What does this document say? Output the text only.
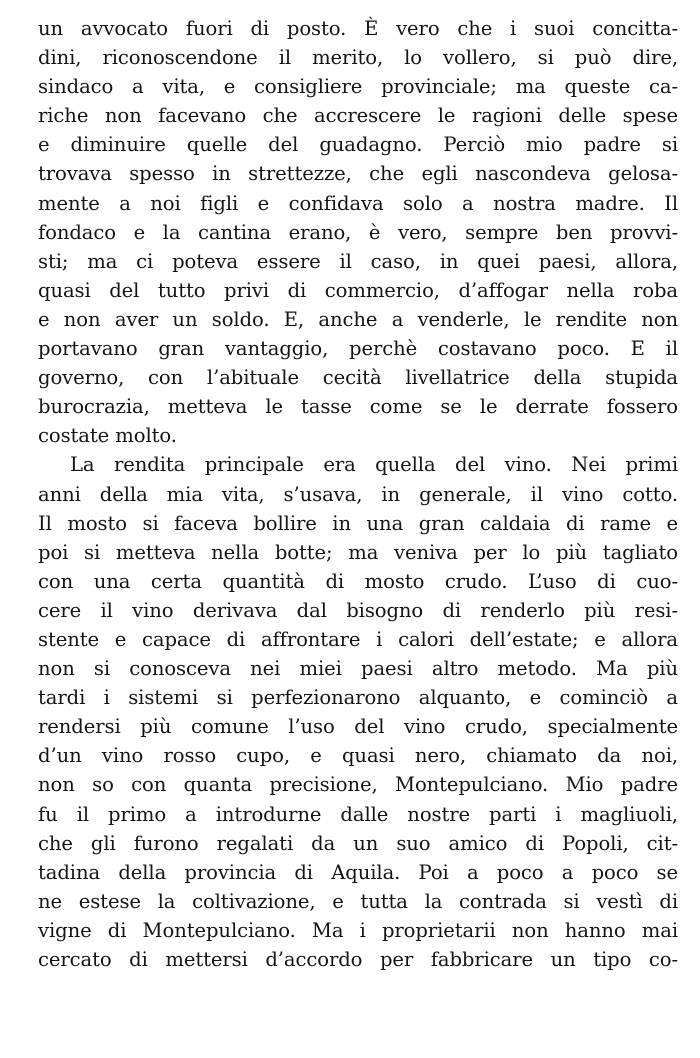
un avvocato fuori di posto. È vero che i suoi concitta-
dini, riconoscendone il merito, lo vollero, si può dire,
sindaco a vita, e consigliere provinciale; ma queste ca-
riche non facevano che accrescere le ragioni delle spese
e diminuire quelle del guadagno. Perciò mio padre si
trovava spesso in strettezze, che egli nascondeva gelosa-
mente a noi figli e confidava solo a nostra madre. Il
fondaco e la cantina erano, è vero, sempre ben provvi-
sti; ma ci poteva essere il caso, in quei paesi, allora,
quasi del tutto privi di commercio, d’affogar nella roba
e non aver un soldo. E, anche a venderle, le rendite non
portavano gran vantaggio, perchè costavano poco. E il
governo, con l’abituale cecità livellatrice della stupida
burocrazia, metteva le tasse come se le derrate fossero
costate molto.
La rendita principale era quella del vino. Nei primi
anni della mia vita, s’usava, in generale, il vino cotto.
Il mosto si faceva bollire in una gran caldaia di rame e
poi si metteva nella botte; ma veniva per lo più tagliato
con una certa quantità di mosto crudo. L’uso di cuo-
cere il vino derivava dal bisogno di renderlo più resi-
stente e capace di affrontare i calori dell’estate; e allora
non si conosceva nei miei paesi altro metodo. Ma più
tardi i sistemi si perfezionarono alquanto, e cominciò a
rendersi più comune l’uso del vino crudo, specialmente
d’un vino rosso cupo, e quasi nero, chiamato da noi,
non so con quanta precisione, Montepulciano. Mio padre
fu il primo a introdurne dalle nostre parti i magliuoli,
che gli furono regalati da un suo amico di Popoli, cit-
tadina della provincia di Aquila. Poi a poco a poco se
ne estese la coltivazione, e tutta la contrada si vestì di
vigne di Montepulciano. Ma i proprietarii non hanno mai
cercato di mettersi d’accordo per fabbricare un tipo co-
